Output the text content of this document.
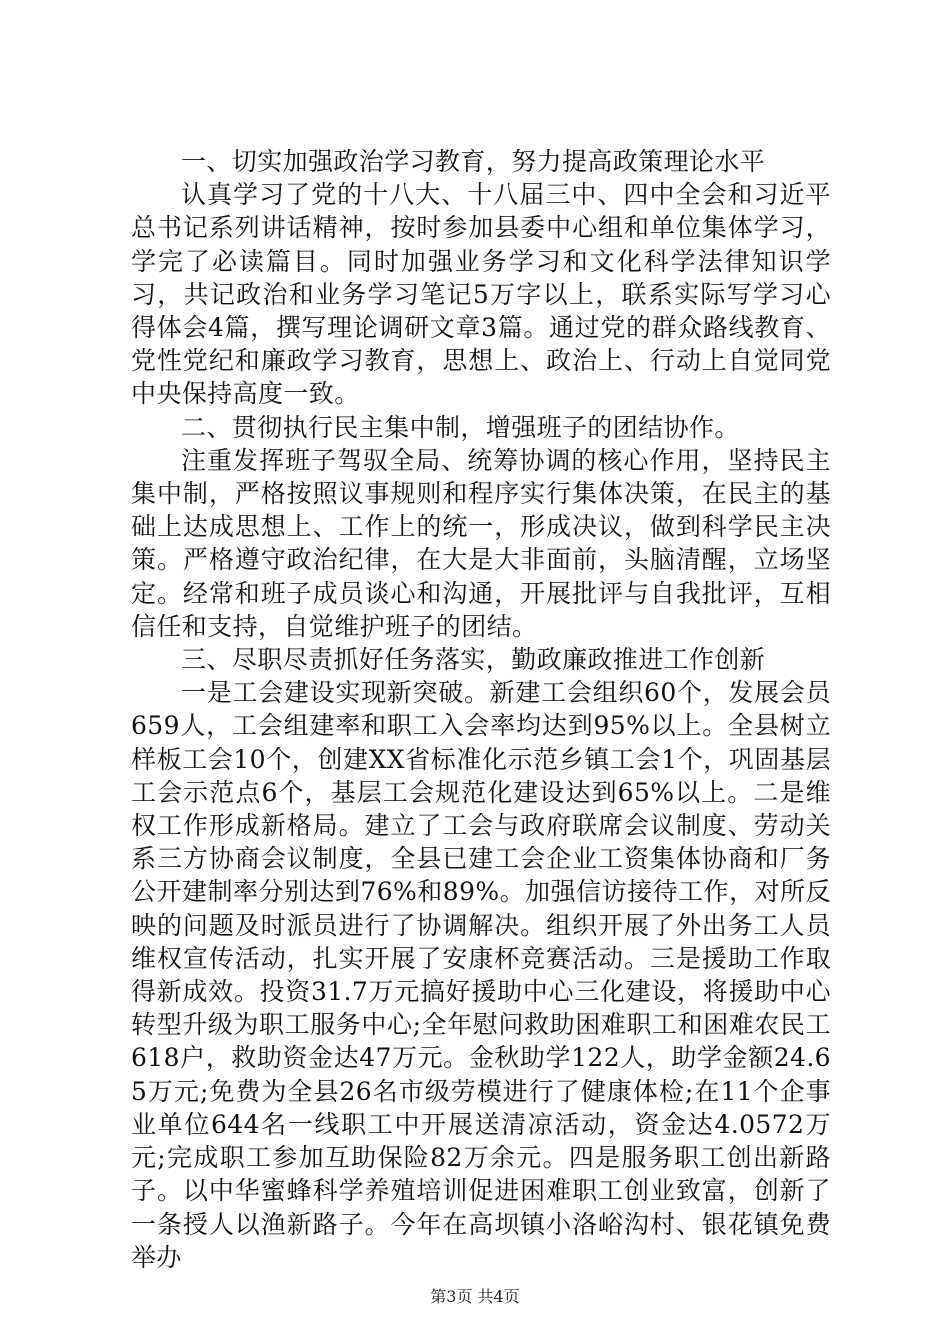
一、切实加强政治学习教育，努力提高政策理论水平

认真学习了党的十八大、十八届三中、四中全会和习近平总书记系列讲话精神，按时参加县委中心组和单位集体学习，学完了必读篇目。同时加强业务学习和文化科学法律知识学习，共记政治和业务学习笔记5万字以上，联系实际写学习心得体会4篇，撰写理论调研文章3篇。通过党的群众路线教育、党性党纪和廉政学习教育，思想上、政治上、行动上自觉同党中央保持高度一致。

二、贯彻执行民主集中制，增强班子的团结协作。

注重发挥班子驾驭全局、统筹协调的核心作用，坚持民主集中制，严格按照议事规则和程序实行集体决策，在民主的基础上达成思想上、工作上的统一，形成决议，做到科学民主决策。严格遵守政治纪律，在大是大非面前，头脑清醒，立场坚定。经常和班子成员谈心和沟通，开展批评与自我批评，互相信任和支持，自觉维护班子的团结。

三、尽职尽责抓好任务落实，勤政廉政推进工作创新

一是工会建设实现新突破。新建工会组织60个，发展会员659人，工会组建率和职工入会率均达到95%以上。全县树立样板工会10个，创建XX省标准化示范乡镇工会1个，巩固基层工会示范点6个，基层工会规范化建设达到65%以上。二是维权工作形成新格局。建立了工会与政府联席会议制度、劳动关系三方协商会议制度，全县已建工会企业工资集体协商和厂务公开建制率分别达到76%和89%。加强信访接待工作，对所反映的问题及时派员进行了协调解决。组织开展了外出务工人员维权宣传活动，扎实开展了安康杯竞赛活动。三是援助工作取得新成效。投资31.7万元搞好援助中心三化建设，将援助中心转型升级为职工服务中心;全年慰问救助困难职工和困难农民工618户，救助资金达47万元。金秋助学122人，助学金额24.65万元;免费为全县26名市级劳模进行了健康体检;在11个企事业单位644名一线职工中开展送清凉活动，资金达4.0572万元;完成职工参加互助保险82万余元。四是服务职工创出新路子。以中华蜜蜂科学养殖培训促进困难职工创业致富，创新了一条授人以渔新路子。今年在高坝镇小洛峪沟村、银花镇免费举办

第3页 共4页
